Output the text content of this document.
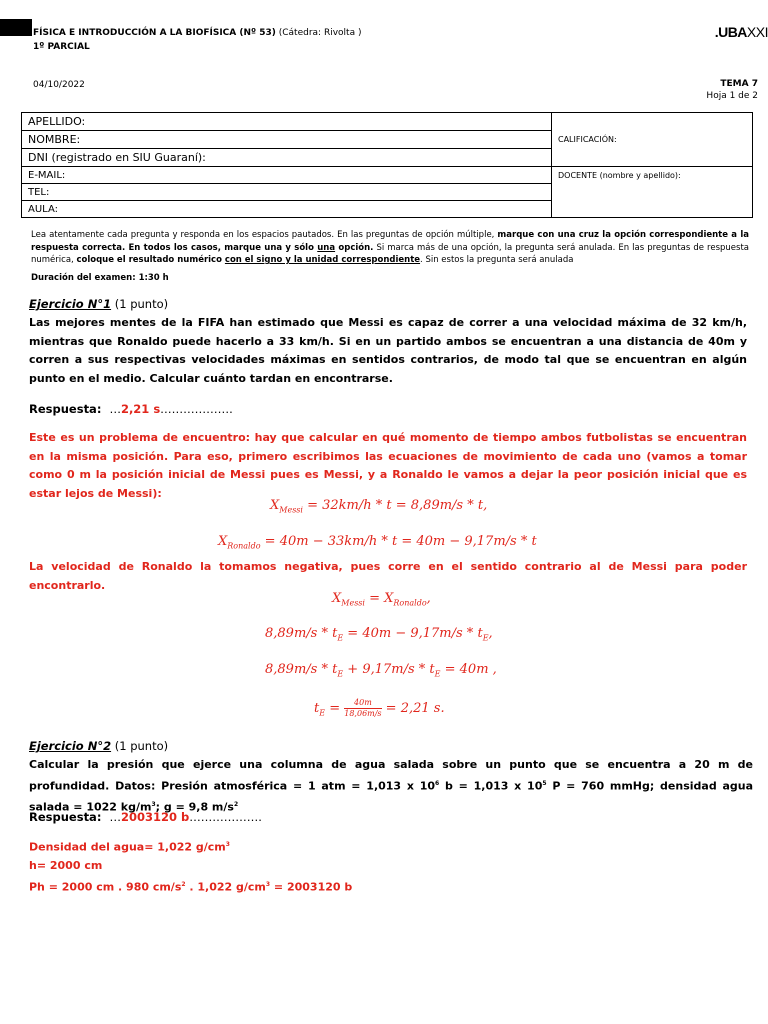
FÍSICA E INTRODUCCIÓN A LA BIOFÍSICA (Nº 53) (Cátedra: Rivolta )
1º PARCIAL
.UBAXXI
04/10/2022	TEMA 7
Hoja 1 de 2
APELLIDO:	CALIFICACIÓN:
NOMBRE:	
DNI (registrado en SIU Guaraní):	
E-MAIL:	DOCENTE (nombre y apellido):
TEL:	
AULA:	
Lea atentamente cada pregunta y responda en los espacios pautados. En las preguntas de opción múltiple, marque con una cruz la opción correspondiente a la respuesta correcta. En todos los casos, marque una y sólo una opción. Si marca más de una opción, la pregunta será anulada. En las preguntas de respuesta numérica, coloque el resultado numérico con el signo y la unidad correspondiente. Sin estos la pregunta será anulada
Duración del examen: 1:30 h
Ejercicio N°1 (1 punto)
Las mejores mentes de la FIFA han estimado que Messi es capaz de correr a una velocidad máxima de 32 km/h, mientras que Ronaldo puede hacerlo a 33 km/h. Si en un partido ambos se encuentran a una distancia de 40m y corren a sus respectivas velocidades máximas en sentidos contrarios, de modo tal que se encuentran en algún punto en el medio. Calcular cuánto tardan en encontrarse.
Respuesta: …2,21 s……………….
Este es un problema de encuentro: hay que calcular en qué momento de tiempo ambos futbolistas se encuentran en la misma posición. Para eso, primero escribimos las ecuaciones de movimiento de cada uno (vamos a tomar como 0 m la posición inicial de Messi pues es Messi, y a Ronaldo le vamos a dejar la peor posición inicial que es estar lejos de Messi):
$X_{Messi} = 32km/h * t = 8,89m/s * t$,
$X_{Ronaldo} = 40m - 33km/h * t = 40m - 9,17m/s * t$
La velocidad de Ronaldo la tomamos negativa, pues corre en el sentido contrario al de Messi para poder encontrarlo.
$X_{Messi} = X_{Ronaldo}$,
$8,89m/s * t_E = 40m - 9,17m/s * t_E$,
$8,89m/s * t_E + 9,17m/s * t_E = 40m$ ,
$t_E = \frac{40m}{18,06m/s} = 2,21$ s.
Ejercicio N°2 (1 punto)
Calcular la presión que ejerce una columna de agua salada sobre un punto que se encuentra a 20 m de profundidad. Datos: Presión atmosférica = 1 atm = 1,013 x $10^6$ b = 1,013 x $10^5$ P = 760 mmHg; densidad agua salada = 1022 $kg/m^3$; g = 9,8 $m/s^2$
Respuesta: …2003120 b……………….
Densidad del agua= 1,022 $g/cm^3$
h= 2000 cm
Ph = 2000 cm . 980 $cm/s^2$ . 1,022 $g/cm^3 = 2003120$ b
